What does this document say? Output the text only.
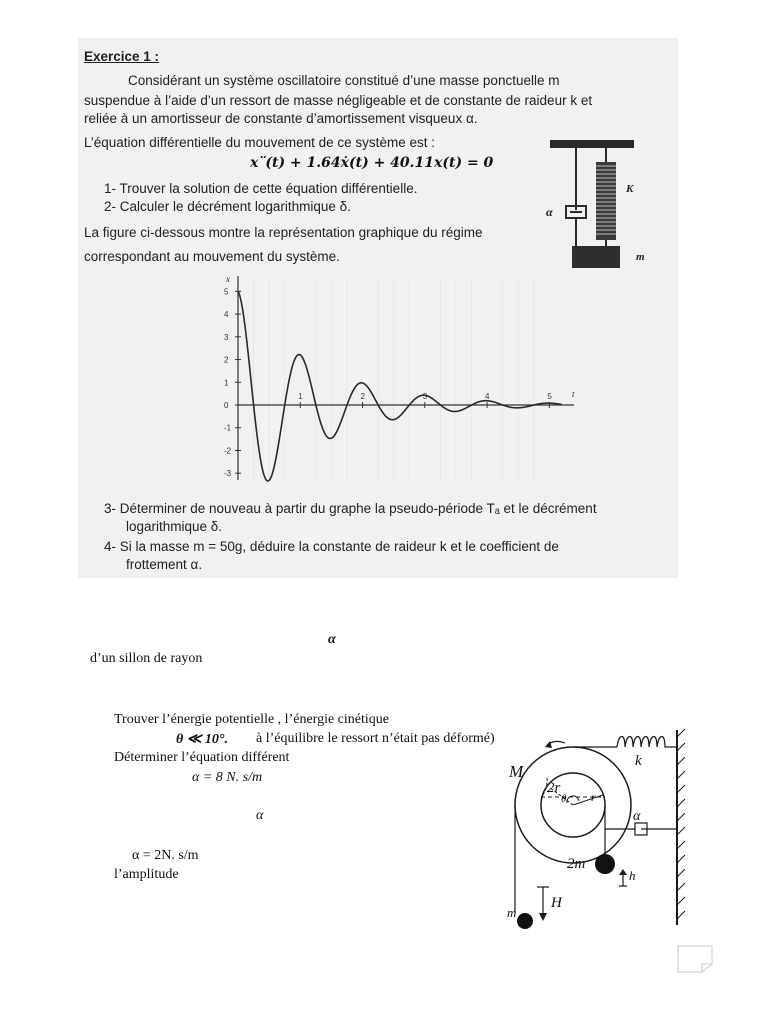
Exercice 1 :
Considérant un système oscillatoire constitué d’une masse ponctuelle m
suspendue à l’aide d’un ressort de masse négligeable et de constante de raideur k et
reliée à un amortisseur de constante d’amortissement visqueux α.
L’équation différentielle du mouvement de ce système est :
x¨(t) + 1.64ẋ(t) + 40.11x(t) = 0
1- Trouver la solution de cette équation différentielle.
2- Calculer le décrément logarithmique δ.
La figure ci-dessous montre la représentation graphique du régime
correspondant au mouvement du système.
K
α
m
1	2	3	4	5
-3
-2
-1
0
1
2
3
4
5
t
x
3- Déterminer de nouveau à partir du graphe la pseudo-période Tₐ et le décrément
logarithmique δ.
4- Si la masse m = 50g, déduire la constante de raideur k et le coefficient de
frottement α.
α
d’un sillon de rayon
Trouver l’énergie potentielle , l’énergie cinétique
θ ≪ 10°. à l’équilibre le ressort n’était pas déformé)
Déterminer l’équation différent
α = 8 N. s/m
α
α = 2N. s/m
l’amplitude
M
k
2r
θ r
α
2m
h
H
m
